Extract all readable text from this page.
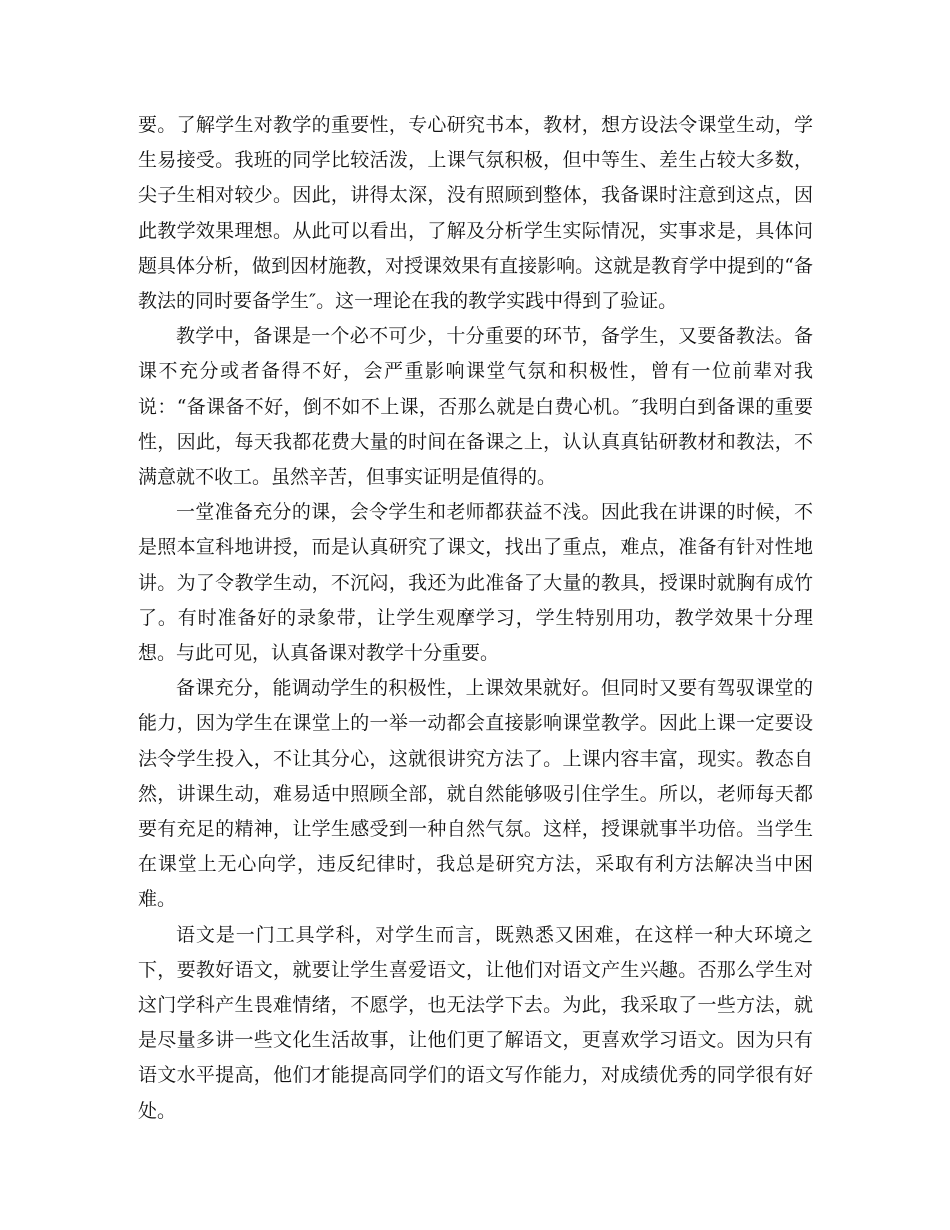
要。了解学生对教学的重要性，专心研究书本，教材，想方设法令课堂生动，学生易接受。我班的同学比较活泼，上课气氛积极，但中等生、差生占较大多数，尖子生相对较少。因此，讲得太深，没有照顾到整体，我备课时注意到这点，因此教学效果理想。从此可以看出，了解及分析学生实际情况，实事求是，具体问题具体分析，做到因材施教，对授课效果有直接影响。这就是教育学中提到的“备教法的同时要备学生″。这一理论在我的教学实践中得到了验证。

教学中，备课是一个必不可少，十分重要的环节，备学生，又要备教法。备课不充分或者备得不好，会严重影响课堂气氛和积极性，曾有一位前辈对我说：“备课备不好，倒不如不上课，否那么就是白费心机。″我明白到备课的重要性，因此，每天我都花费大量的时间在备课之上，认认真真钻研教材和教法，不满意就不收工。虽然辛苦，但事实证明是值得的。

一堂准备充分的课，会令学生和老师都获益不浅。因此我在讲课的时候，不是照本宣科地讲授，而是认真研究了课文，找出了重点，难点，准备有针对性地讲。为了令教学生动，不沉闷，我还为此准备了大量的教具，授课时就胸有成竹了。有时准备好的录象带，让学生观摩学习，学生特别用功，教学效果十分理想。与此可见，认真备课对教学十分重要。

备课充分，能调动学生的积极性，上课效果就好。但同时又要有驾驭课堂的能力，因为学生在课堂上的一举一动都会直接影响课堂教学。因此上课一定要设法令学生投入，不让其分心，这就很讲究方法了。上课内容丰富，现实。教态自然，讲课生动，难易适中照顾全部，就自然能够吸引住学生。所以，老师每天都要有充足的精神，让学生感受到一种自然气氛。这样，授课就事半功倍。当学生在课堂上无心向学，违反纪律时，我总是研究方法，采取有利方法解决当中困难。

语文是一门工具学科，对学生而言，既熟悉又困难，在这样一种大环境之下，要教好语文，就要让学生喜爱语文，让他们对语文产生兴趣。否那么学生对这门学科产生畏难情绪，不愿学，也无法学下去。为此，我采取了一些方法，就是尽量多讲一些文化生活故事，让他们更了解语文，更喜欢学习语文。因为只有语文水平提高，他们才能提高同学们的语文写作能力，对成绩优秀的同学很有好处。
